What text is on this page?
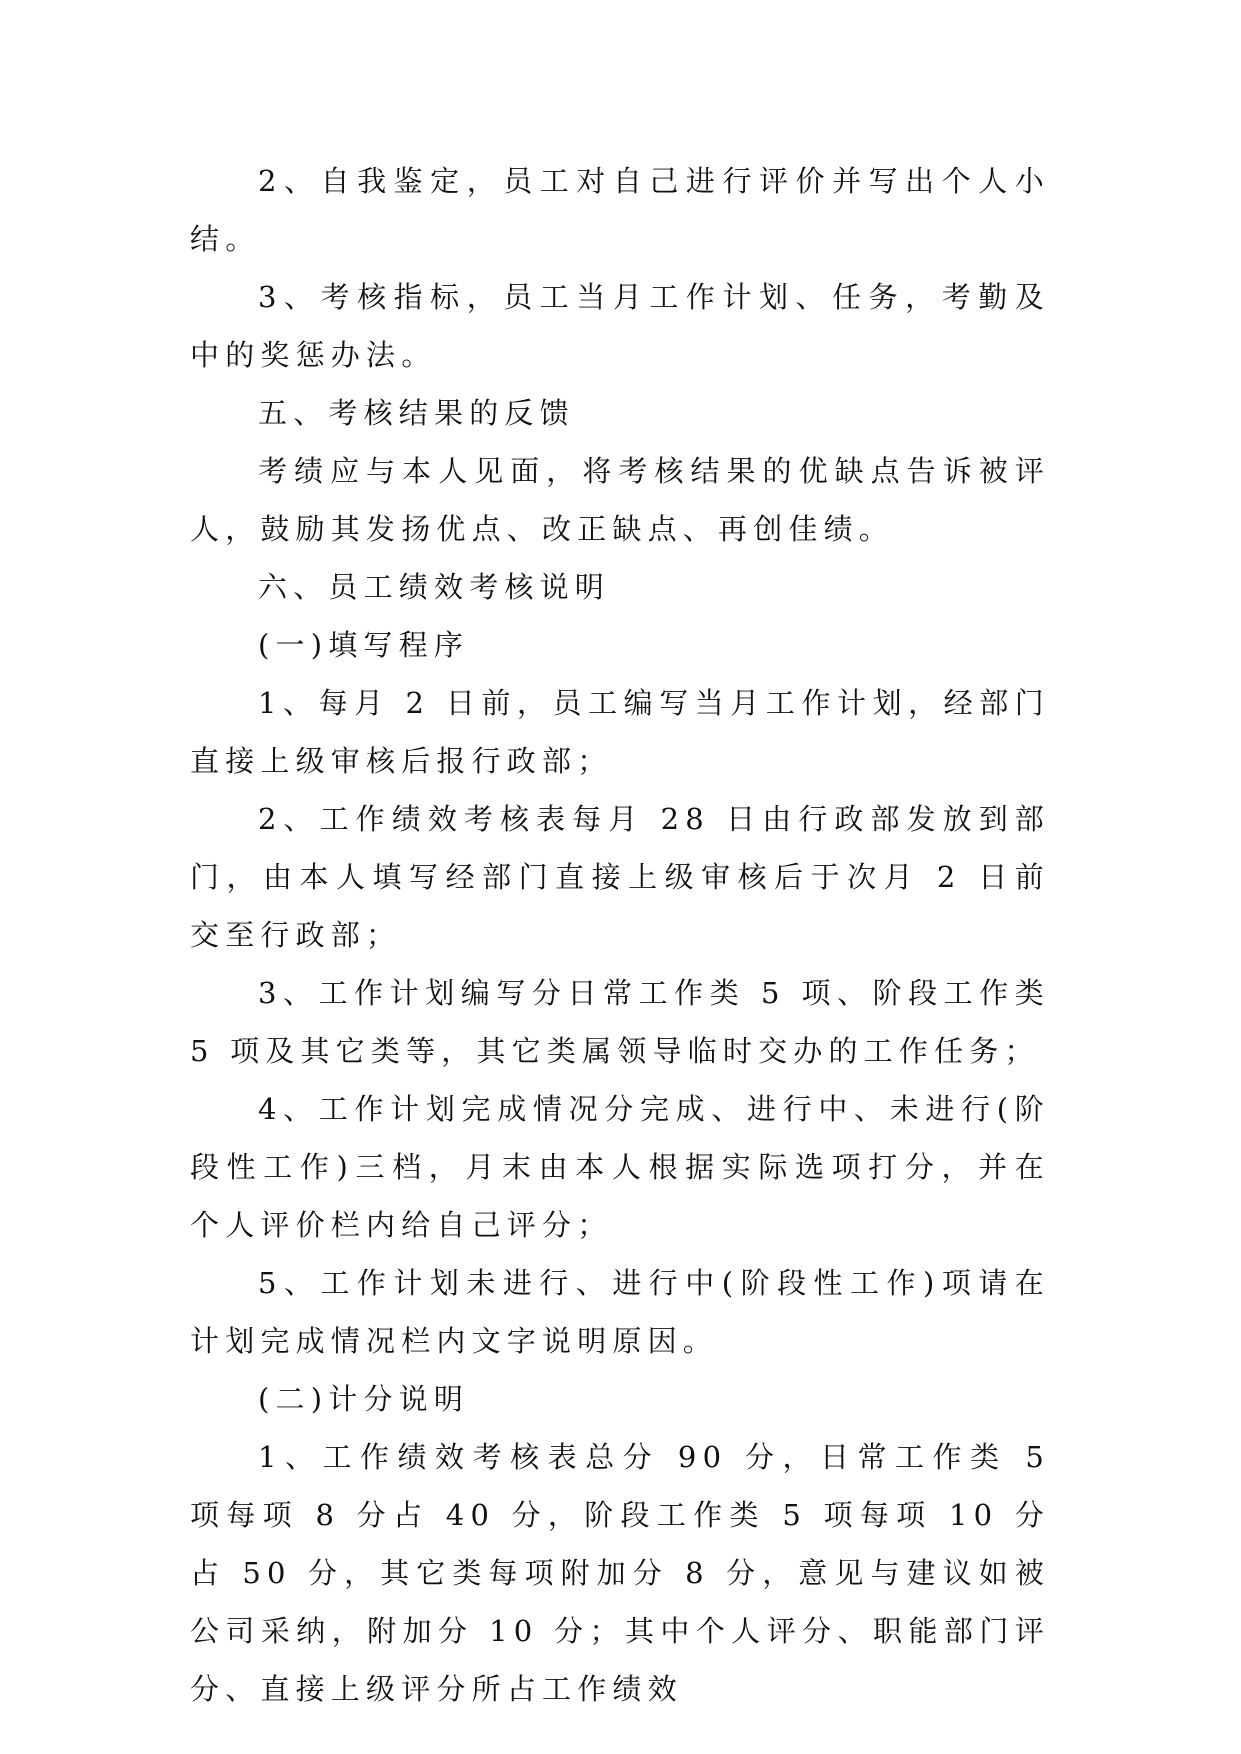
2、自我鉴定，员工对自己进行评价并写出个人小结。

3、考核指标，员工当月工作计划、任务，考勤及中的奖惩办法。

五、考核结果的反馈

考绩应与本人见面，将考核结果的优缺点告诉被评人，鼓励其发扬优点、改正缺点、再创佳绩。

六、员工绩效考核说明

(一)填写程序

1、每月 2 日前，员工编写当月工作计划，经部门直接上级审核后报行政部；

2、工作绩效考核表每月 28 日由行政部发放到部门，由本人填写经部门直接上级审核后于次月 2 日前交至行政部；

3、工作计划编写分日常工作类 5 项、阶段工作类 5 项及其它类等，其它类属领导临时交办的工作任务；

4、工作计划完成情况分完成、进行中、未进行(阶段性工作)三档，月末由本人根据实际选项打分，并在个人评价栏内给自己评分；

5、工作计划未进行、进行中(阶段性工作)项请在计划完成情况栏内文字说明原因。

(二)计分说明

1、工作绩效考核表总分 90 分，日常工作类 5 项每项 8 分占 40 分，阶段工作类 5 项每项 10 分占 50 分，其它类每项附加分 8 分，意见与建议如被公司采纳，附加分 10 分；其中个人评分、职能部门评分、直接上级评分所占工作绩效
